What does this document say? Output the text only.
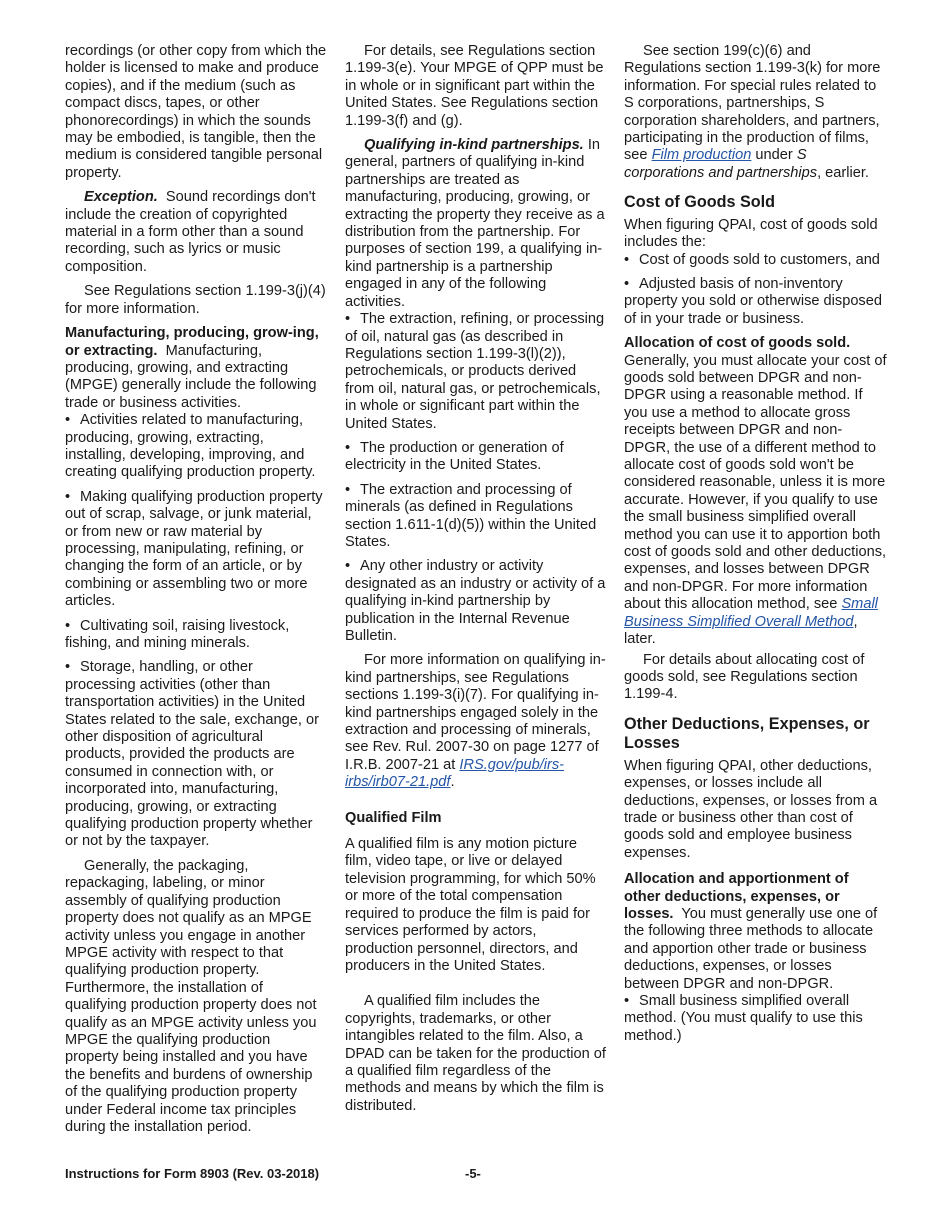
recordings (or other copy from which the holder is licensed to make and produce copies), and if the medium (such as compact discs, tapes, or other phonorecordings) in which the sounds may be embodied, is tangible, then the medium is considered tangible personal property.

Exception. Sound recordings don't include the creation of copyrighted material in a form other than a sound recording, such as lyrics or music composition.

See Regulations section 1.199-3(j)(4) for more information.

Manufacturing, producing, grow-ing, or extracting. Manufacturing, producing, growing, and extracting (MPGE) generally include the following trade or business activities.

• Activities related to manufacturing, producing, growing, extracting, installing, developing, improving, and creating qualifying production property.

• Making qualifying production property out of scrap, salvage, or junk material, or from new or raw material by processing, manipulating, refining, or changing the form of an article, or by combining or assembling two or more articles.

• Cultivating soil, raising livestock, fishing, and mining minerals.

• Storage, handling, or other processing activities (other than transportation activities) in the United States related to the sale, exchange, or other disposition of agricultural products, provided the products are consumed in connection with, or incorporated into, manufacturing, producing, growing, or extracting qualifying production property whether or not by the taxpayer.

Generally, the packaging, repackaging, labeling, or minor assembly of qualifying production property does not qualify as an MPGE activity unless you engage in another MPGE activity with respect to that qualifying production property. Furthermore, the installation of qualifying production property does not qualify as an MPGE activity unless you MPGE the qualifying production property being installed and you have the benefits and burdens of ownership of the qualifying production property under Federal income tax principles during the installation period.

For details, see Regulations section 1.199-3(e). Your MPGE of QPP must be in whole or in significant part within the United States. See Regulations section 1.199-3(f) and (g).

Qualifying in-kind partnerships. In general, partners of qualifying in-kind partnerships are treated as manufacturing, producing, growing, or extracting the property they receive as a distribution from the partnership. For purposes of section 199, a qualifying in-kind partnership is a partnership engaged in any of the following activities.

• The extraction, refining, or processing of oil, natural gas (as described in Regulations section 1.199-3(l)(2)), petrochemicals, or products derived from oil, natural gas, or petrochemicals, in whole or significant part within the United States.

• The production or generation of electricity in the United States.

• The extraction and processing of minerals (as defined in Regulations section 1.611-1(d)(5)) within the United States.

• Any other industry or activity designated as an industry or activity of a qualifying in-kind partnership by publication in the Internal Revenue Bulletin.

For more information on qualifying in-kind partnerships, see Regulations sections 1.199-3(i)(7). For qualifying in-kind partnerships engaged solely in the extraction and processing of minerals, see Rev. Rul. 2007-30 on page 1277 of I.R.B. 2007-21 at IRS.gov/pub/irs-irbs/irb07-21.pdf.

Qualified Film

A qualified film is any motion picture film, video tape, or live or delayed television programming, for which 50% or more of the total compensation required to produce the film is paid for services performed by actors, production personnel, directors, and producers in the United States.

A qualified film includes the copyrights, trademarks, or other intangibles related to the film. Also, a DPAD can be taken for the production of a qualified film regardless of the methods and means by which the film is distributed.

See section 199(c)(6) and Regulations section 1.199-3(k) for more information. For special rules related to S corporations, partnerships, S corporation shareholders, and partners, participating in the production of films, see Film production under S corporations and partnerships, earlier.

Cost of Goods Sold

When figuring QPAI, cost of goods sold includes the:

• Cost of goods sold to customers, and

• Adjusted basis of non-inventory property you sold or otherwise disposed of in your trade or business.

Allocation of cost of goods sold. Generally, you must allocate your cost of goods sold between DPGR and non-DPGR using a reasonable method. If you use a method to allocate gross receipts between DPGR and non-DPGR, the use of a different method to allocate cost of goods sold won't be considered reasonable, unless it is more accurate. However, if you qualify to use the small business simplified overall method you can use it to apportion both cost of goods sold and other deductions, expenses, and losses between DPGR and non-DPGR. For more information about this allocation method, see Small Business Simplified Overall Method, later.

For details about allocating cost of goods sold, see Regulations section 1.199-4.

Other Deductions, Expenses, or Losses

When figuring QPAI, other deductions, expenses, or losses include all deductions, expenses, or losses from a trade or business other than cost of goods sold and employee business expenses.

Allocation and apportionment of other deductions, expenses, or losses. You must generally use one of the following three methods to allocate and apportion other trade or business deductions, expenses, or losses between DPGR and non-DPGR.

• Small business simplified overall method. (You must qualify to use this method.)

Instructions for Form 8903 (Rev. 03-2018)	-5-
